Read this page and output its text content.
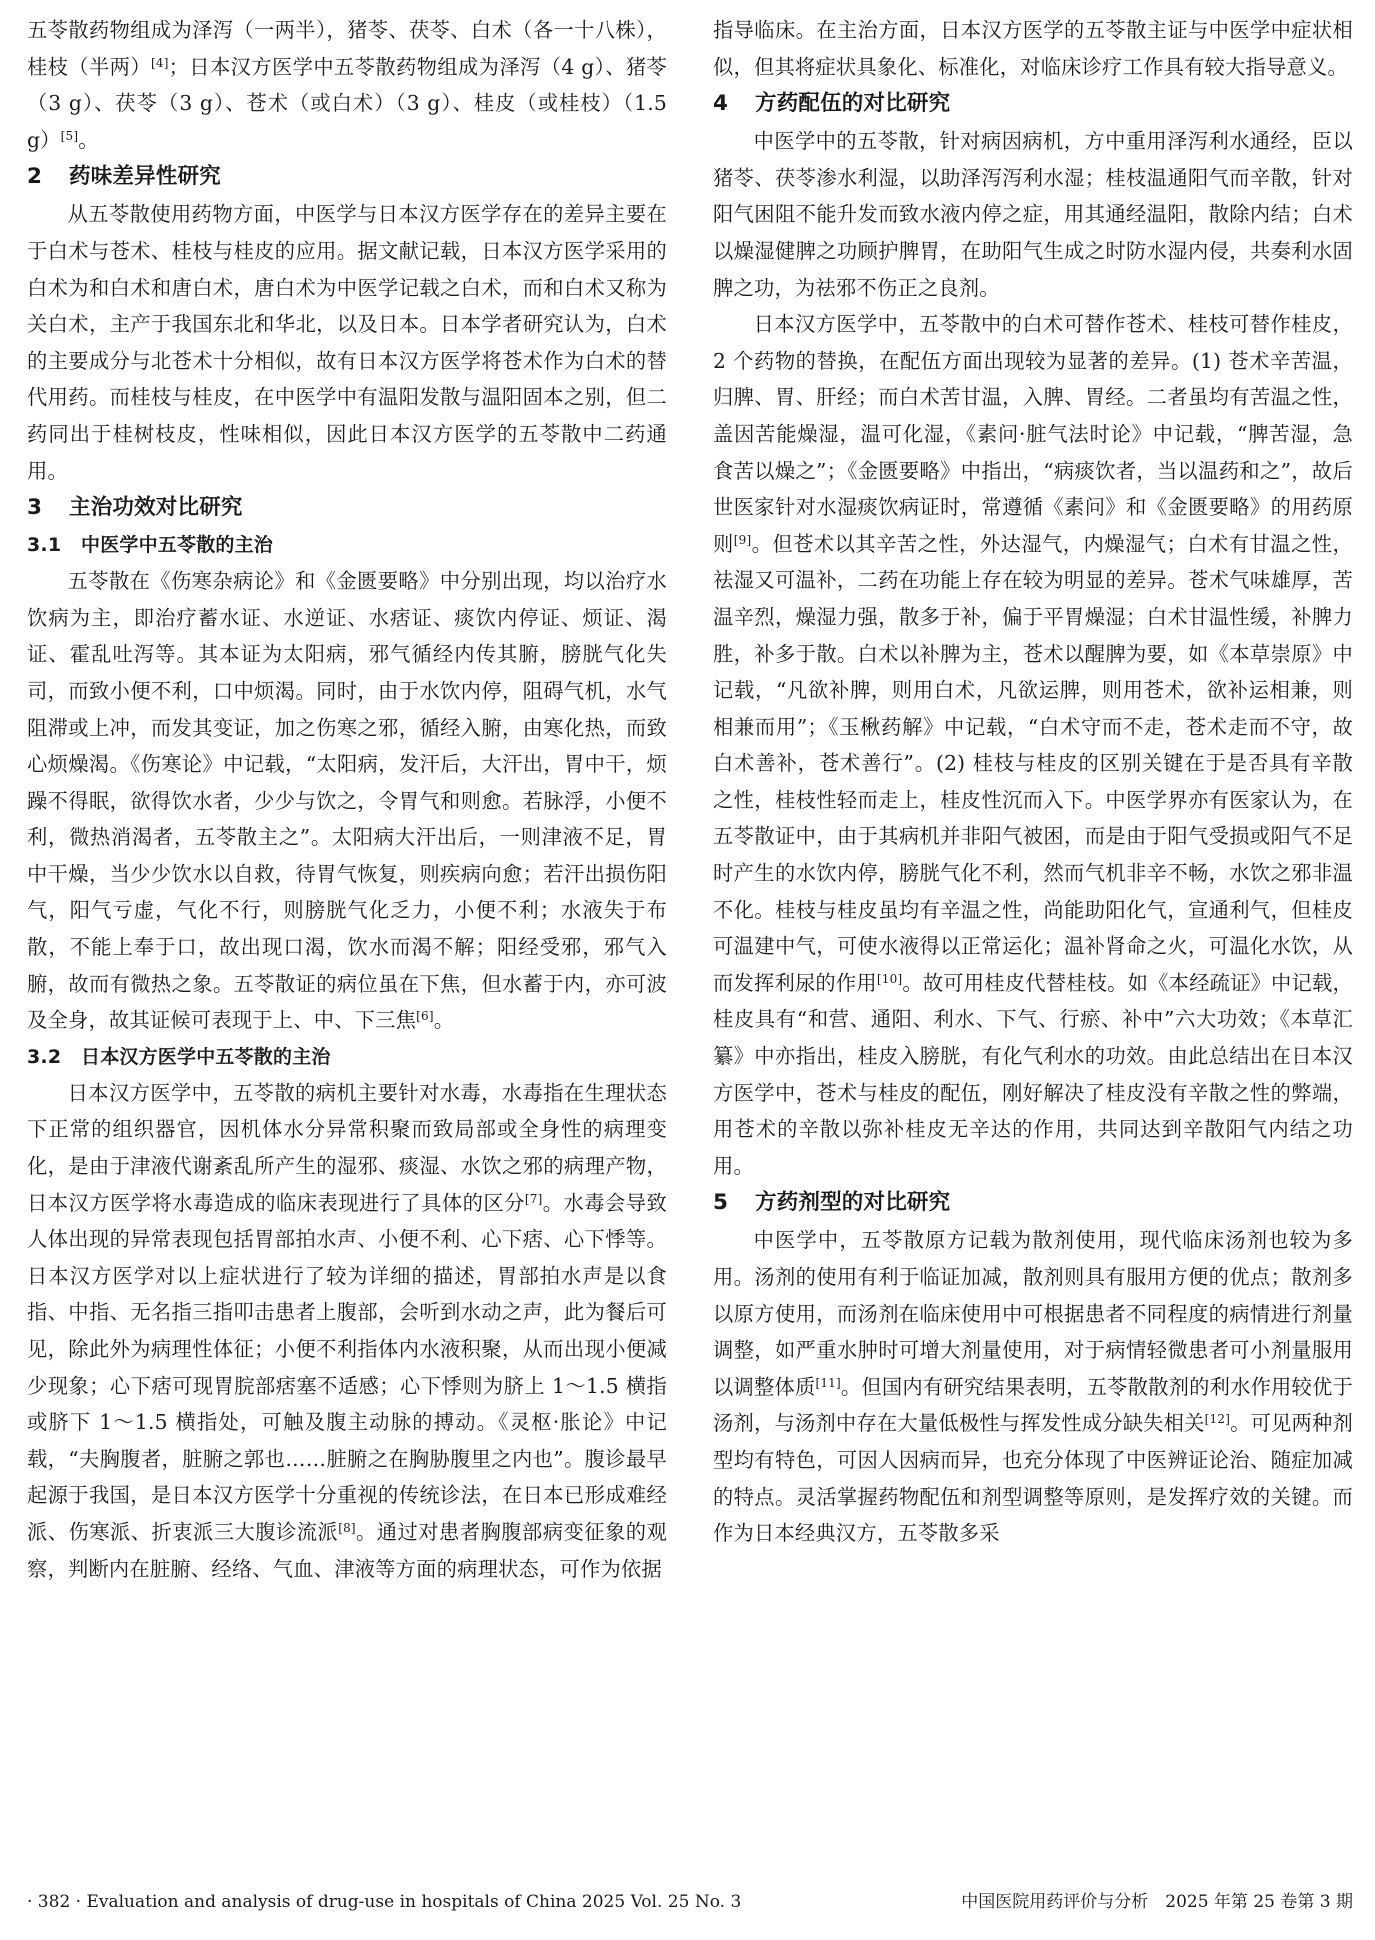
五苓散药物组成为泽泻（一两半），猪苓、茯苓、白术（各一十八株），桂枝（半两）[4]；日本汉方医学中五苓散药物组成为泽泻（4 g）、猪苓（3 g）、茯苓（3 g）、苍术（或白术）（3 g）、桂皮（或桂枝）（1.5 g）[5]。

2 药味差异性研究

从五苓散使用药物方面，中医学与日本汉方医学存在的差异主要在于白术与苍术、桂枝与桂皮的应用。据文献记载，日本汉方医学采用的白术为和白术和唐白术，唐白术为中医学记载之白术，而和白术又称为关白术，主产于我国东北和华北，以及日本。日本学者研究认为，白术的主要成分与北苍术十分相似，故有日本汉方医学将苍术作为白术的替代用药。而桂枝与桂皮，在中医学中有温阳发散与温阳固本之别，但二药同出于桂树枝皮，性味相似，因此日本汉方医学的五苓散中二药通用。

3 主治功效对比研究
3.1 中医学中五苓散的主治

五苓散在《伤寒杂病论》和《金匮要略》中分别出现，均以治疗水饮病为主，即治疗蓄水证、水逆证、水痞证、痰饮内停证、烦证、渴证、霍乱吐泻等。其本证为太阳病，邪气循经内传其腑，膀胱气化失司，而致小便不利，口中烦渴。同时，由于水饮内停，阻碍气机，水气阻滞或上冲，而发其变证，加之伤寒之邪，循经入腑，由寒化热，而致心烦燥渴。《伤寒论》中记载，“太阳病，发汗后，大汗出，胃中干，烦躁不得眠，欲得饮水者，少少与饮之，令胃气和则愈。若脉浮，小便不利，微热消渴者，五苓散主之”。太阳病大汗出后，一则津液不足，胃中干燥，当少少饮水以自救，待胃气恢复，则疾病向愈；若汗出损伤阳气，阳气亏虚，气化不行，则膀胱气化乏力，小便不利；水液失于布散，不能上奉于口，故出现口渴，饮水而渴不解；阳经受邪，邪气入腑，故而有微热之象。五苓散证的病位虽在下焦，但水蓄于内，亦可波及全身，故其证候可表现于上、中、下三焦[6]。

3.2 日本汉方医学中五苓散的主治

日本汉方医学中，五苓散的病机主要针对水毒，水毒指在生理状态下正常的组织器官，因机体水分异常积聚而致局部或全身性的病理变化，是由于津液代谢紊乱所产生的湿邪、痰湿、水饮之邪的病理产物，日本汉方医学将水毒造成的临床表现进行了具体的区分[7]。水毒会导致人体出现的异常表现包括胃部拍水声、小便不利、心下痞、心下悸等。日本汉方医学对以上症状进行了较为详细的描述，胃部拍水声是以食指、中指、无名指三指叩击患者上腹部，会听到水动之声，此为餐后可见，除此外为病理性体征；小便不利指体内水液积聚，从而出现小便减少现象；心下痞可现胃脘部痞塞不适感；心下悸则为脐上 1～1.5 横指或脐下 1～1.5 横指处，可触及腹主动脉的搏动。《灵枢·胀论》中记载，“夫胸腹者，脏腑之郭也……脏腑之在胸胁腹里之内也”。腹诊最早起源于我国，是日本汉方医学十分重视的传统诊法，在日本已形成难经派、伤寒派、折衷派三大腹诊流派[8]。通过对患者胸腹部病变征象的观察，判断内在脏腑、经络、气血、津液等方面的病理状态，可作为依据

指导临床。在主治方面，日本汉方医学的五苓散主证与中医学中症状相似，但其将症状具象化、标准化，对临床诊疗工作具有较大指导意义。

4 方药配伍的对比研究

中医学中的五苓散，针对病因病机，方中重用泽泻利水通经，臣以猪苓、茯苓渗水利湿，以助泽泻泻利水湿；桂枝温通阳气而辛散，针对阳气困阻不能升发而致水液内停之症，用其通经温阳，散除内结；白术以燥湿健脾之功顾护脾胃，在助阳气生成之时防水湿内侵，共奏利水固脾之功，为祛邪不伤正之良剂。

日本汉方医学中，五苓散中的白术可替作苍术、桂枝可替作桂皮，2 个药物的替换，在配伍方面出现较为显著的差异。(1) 苍术辛苦温，归脾、胃、肝经；而白术苦甘温，入脾、胃经。二者虽均有苦温之性，盖因苦能燥湿，温可化湿，《素问·脏气法时论》中记载，“脾苦湿，急食苦以燥之”；《金匮要略》中指出，“病痰饮者，当以温药和之”，故后世医家针对水湿痰饮病证时，常遵循《素问》和《金匮要略》的用药原则[9]。但苍术以其辛苦之性，外达湿气，内燥湿气；白术有甘温之性，祛湿又可温补，二药在功能上存在较为明显的差异。苍术气味雄厚，苦温辛烈，燥湿力强，散多于补，偏于平胃燥湿；白术甘温性缓，补脾力胜，补多于散。白术以补脾为主，苍术以醒脾为要，如《本草崇原》中记载，“凡欲补脾，则用白术，凡欲运脾，则用苍术，欲补运相兼，则相兼而用”；《玉楸药解》中记载，“白术守而不走，苍术走而不守，故白术善补，苍术善行”。(2) 桂枝与桂皮的区别关键在于是否具有辛散之性，桂枝性轻而走上，桂皮性沉而入下。中医学界亦有医家认为，在五苓散证中，由于其病机并非阳气被困，而是由于阳气受损或阳气不足时产生的水饮内停，膀胱气化不利，然而气机非辛不畅，水饮之邪非温不化。桂枝与桂皮虽均有辛温之性，尚能助阳化气，宣通利气，但桂皮可温建中气，可使水液得以正常运化；温补肾命之火，可温化水饮，从而发挥利尿的作用[10]。故可用桂皮代替桂枝。如《本经疏证》中记载，桂皮具有“和营、通阳、利水、下气、行瘀、补中”六大功效；《本草汇纂》中亦指出，桂皮入膀胱，有化气利水的功效。由此总结出在日本汉方医学中，苍术与桂皮的配伍，刚好解决了桂皮没有辛散之性的弊端，用苍术的辛散以弥补桂皮无辛达的作用，共同达到辛散阳气内结之功用。

5 方药剂型的对比研究

中医学中，五苓散原方记载为散剂使用，现代临床汤剂也较为多用。汤剂的使用有利于临证加减，散剂则具有服用方便的优点；散剂多以原方使用，而汤剂在临床使用中可根据患者不同程度的病情进行剂量调整，如严重水肿时可增大剂量使用，对于病情轻微患者可小剂量服用以调整体质[11]。但国内有研究结果表明，五苓散散剂的利水作用较优于汤剂，与汤剂中存在大量低极性与挥发性成分缺失相关[12]。可见两种剂型均有特色，可因人因病而异，也充分体现了中医辨证论治、随症加减的特点。灵活掌握药物配伍和剂型调整等原则，是发挥疗效的关键。而作为日本经典汉方，五苓散多采

· 382 · Evaluation and analysis of drug-use in hospitals of China 2025 Vol. 25 No. 3	中国医院用药评价与分析　2025 年第 25 卷第 3 期
